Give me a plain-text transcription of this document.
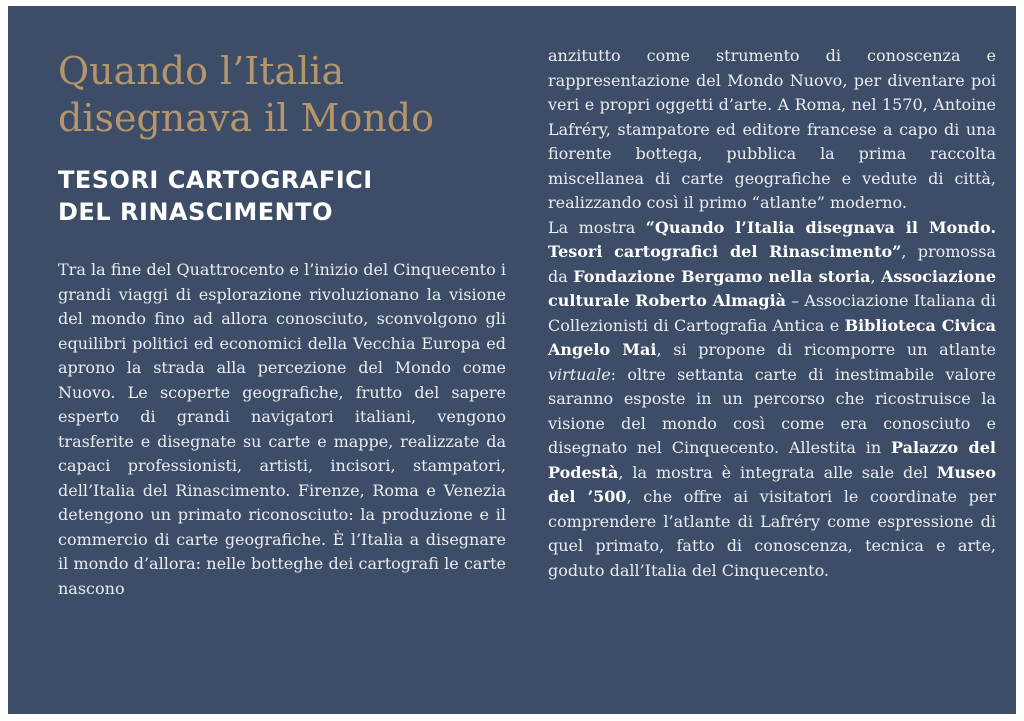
Quando l’Italia
disegnava il Mondo
TESORI CARTOGRAFICI
DEL RINASCIMENTO

Tra la fine del Quattrocento e l’inizio del Cinquecento i grandi viaggi di esplorazione rivoluzionano la visione del mondo fino ad allora conosciuto, sconvolgono gli equilibri politici ed economici della Vecchia Europa ed aprono la strada alla percezione del Mondo come Nuovo. Le scoperte geografiche, frutto del sapere esperto di grandi navigatori italiani, vengono trasferite e disegnate su carte e mappe, realizzate da capaci professionisti, artisti, incisori, stampatori, dell’Italia del Rinascimento. Firenze, Roma e Venezia detengono un primato riconosciuto: la produzione e il commercio di carte geografiche. È l’Italia a disegnare il mondo d’allora: nelle botteghe dei cartografi le carte nascono

anzitutto come strumento di conoscenza e rappresentazione del Mondo Nuovo, per diventare poi veri e propri oggetti d’arte. A Roma, nel 1570, Antoine Lafréry, stampatore ed editore francese a capo di una fiorente bottega, pubblica la prima raccolta miscellanea di carte geografiche e vedute di città, realizzando così il primo “atlante” moderno.

La mostra “Quando l’Italia disegnava il Mondo. Tesori cartografici del Rinascimento”, promossa da Fondazione Bergamo nella storia, Associazione culturale Roberto Almagià – Associazione Italiana di Collezionisti di Cartografia Antica e Biblioteca Civica Angelo Mai, si propone di ricomporre un atlante virtuale: oltre settanta carte di inestimabile valore saranno esposte in un percorso che ricostruisce la visione del mondo così come era conosciuto e disegnato nel Cinquecento. Allestita in Palazzo del Podestà, la mostra è integrata alle sale del Museo del ’500, che offre ai visitatori le coordinate per comprendere l’atlante di Lafréry come espressione di quel primato, fatto di conoscenza, tecnica e arte, goduto dall’Italia del Cinquecento.
